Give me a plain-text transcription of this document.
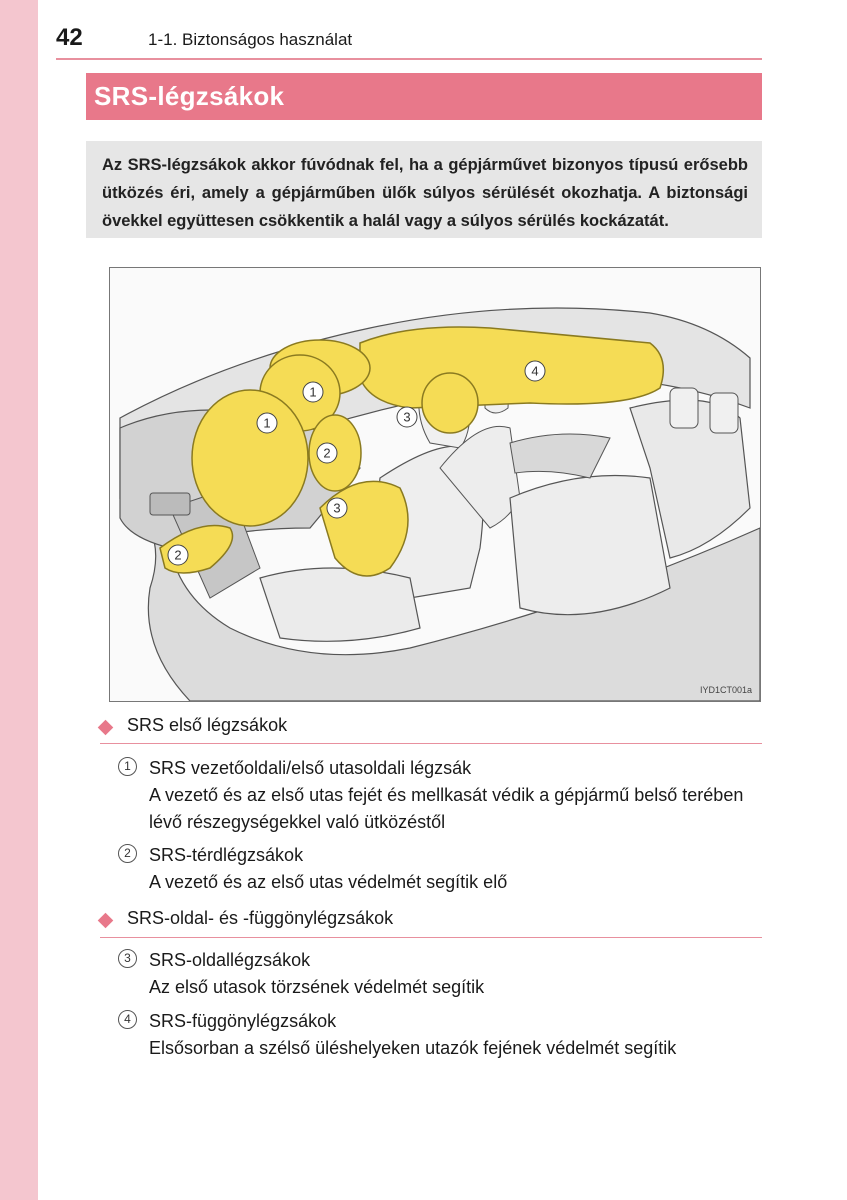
42	1-1. Biztonságos használat
SRS-légzsákok
Az SRS-légzsákok akkor fúvódnak fel, ha a gépjárművet bizonyos típusú erősebb ütközés éri, amely a gépjárműben ülők súlyos sérülését okozhatja. A biztonsági övekkel együttesen csökkentik a halál vagy a súlyos sérülés kockázatát.
1
1
2
2
3
3
4
IYD1CT001a
SRS első légzsákok
1	SRS vezetőoldali/első utasoldali légzsák
A vezető és az első utas fejét és mellkasát védik a gépjármű belső terében lévő részegységekkel való ütközéstől
2	SRS-térdlégzsákok
A vezető és az első utas védelmét segítik elő
SRS-oldal- és -függönylégzsákok
3	SRS-oldallégzsákok
Az első utasok törzsének védelmét segítik
4	SRS-függönylégzsákok
Elsősorban a szélső üléshelyeken utazók fejének védelmét segítik
